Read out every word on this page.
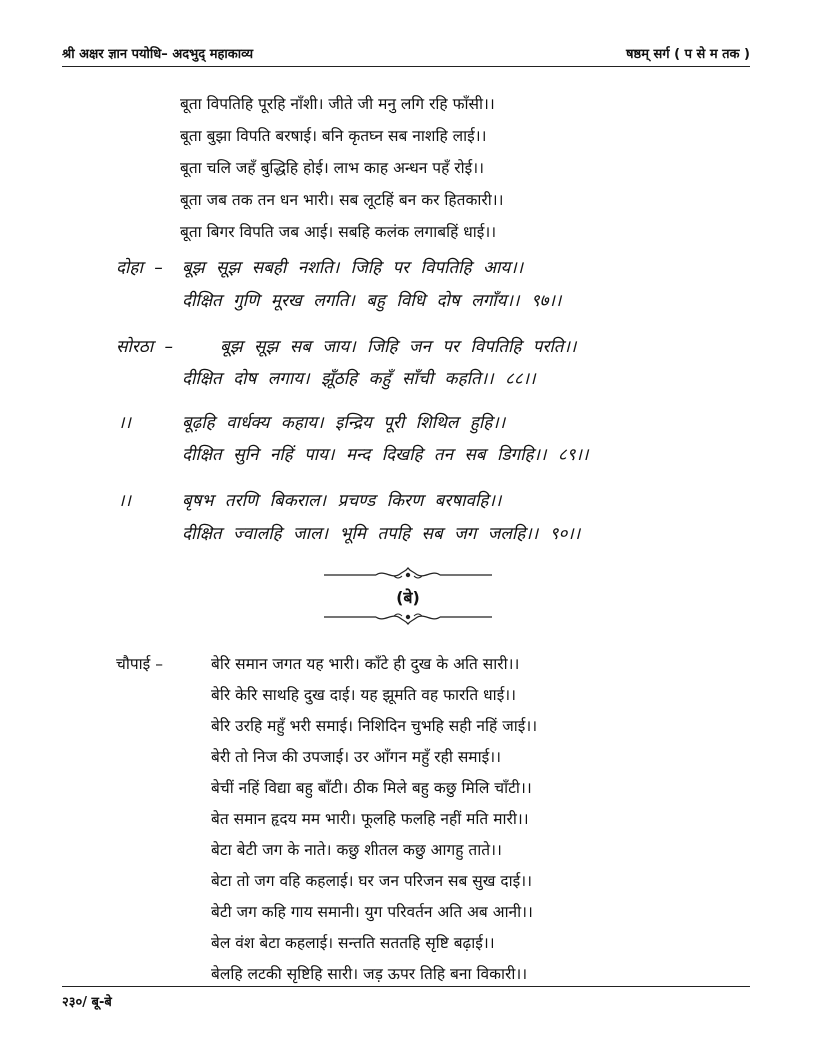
श्री अक्षर ज्ञान पयोधि– अदभुद् महाकाव्य	षष्ठम् सर्ग ( प से म तक )
बूता विपतिहि पूरहि नाँशी। जीते जी मनु लगि रहि फाँसी।।
बूता बुझा विपति बरषाई। बनि कृतघ्न सब नाशहि लाई।।
बूता चलि जहँ बुद्धिहि होई। लाभ काह अन्धन पहँ रोई।।
बूता जब तक तन धन भारी। सब लूटहिं बन कर हितकारी।।
बूता बिगर विपति जब आई। सबहि कलंक लगाबहिं धाई।।
दोहा – बूझ सूझ सबही नशति। जिहि पर विपतिहि आय।।
दीक्षित गुणि मूरख लगति। बहु विधि दोष लगाँय।। ९७।।
सोरठा –	बूझ सूझ सब जाय। जिहि जन पर विपतिहि परति।।
दीक्षित दोष लगाय। झूँठहि कहुँ साँची कहति।। ८८।।
।।	बूढ़हि वार्धक्य कहाय। इन्द्रिय पूरी शिथिल हुहि।।
दीक्षित सुनि नहिं पाय। मन्द दिखहि तन सब डिगहि।। ८९।।
।।	बृषभ तरणि बिकराल। प्रचण्ड किरण बरषावहि।।
दीक्षित ज्वालहि जाल। भूमि तपहि सब जग जलहि।। ९०।।
(बे)
चौपाई –	बेरि समान जगत यह भारी। काँटे ही दुख के अति सारी।।
बेरि केरि साथहि दुख दाई। यह झूमति वह फारति धाई।।
बेरि उरहि महुँ भरी समाई। निशिदिन चुभहि सही नहिं जाई।।
बेरी तो निज की उपजाई। उर आँगन महुँ रही समाई।।
बेचीं नहिं विद्या बहु बाँटी। ठीक मिले बहु कछु मिलि चाँटी।।
बेत समान हृदय मम भारी। फूलहि फलहि नहीं मति मारी।।
बेटा बेटी जग के नाते। कछु शीतल कछु आगहु ताते।।
बेटा तो जग वहि कहलाई। घर जन परिजन सब सुख दाई।।
बेटी जग कहि गाय समानी। युग परिवर्तन अति अब आनी।।
बेल वंश बेटा कहलाई। सन्तति सततहि सृष्टि बढ़ाई।।
बेलहि लटकी सृष्टिहि सारी। जड़ ऊपर तिहि बना विकारी।।
२३०/ बू-बे
